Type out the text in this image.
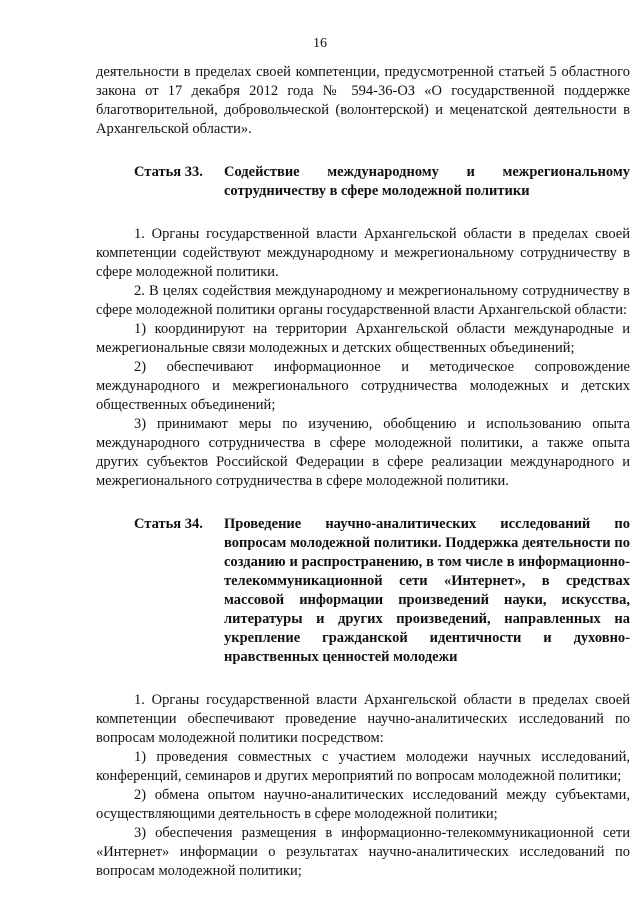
16

деятельности в пределах своей компетенции, предусмотренной статьей 5 областного закона от 17 декабря 2012 года № 594-36-ОЗ «О государственной поддержке благотворительной, добровольческой (волонтерской) и меценатской деятельности в Архангельской области».

Статья 33.	Содействие международному и межрегиональному сотрудничеству в сфере молодежной политики

1. Органы государственной власти Архангельской области в пределах своей компетенции содействуют международному и межрегиональному сотрудничеству в сфере молодежной политики.

2. В целях содействия международному и межрегиональному сотрудничеству в сфере молодежной политики органы государственной власти Архангельской области:

1) координируют на территории Архангельской области международные и межрегиональные связи молодежных и детских общественных объединений;

2) обеспечивают информационное и методическое сопровождение международного и межрегионального сотрудничества молодежных и детских общественных объединений;

3) принимают меры по изучению, обобщению и использованию опыта международного сотрудничества в сфере молодежной политики, а также опыта других субъектов Российской Федерации в сфере реализации международного и межрегионального сотрудничества в сфере молодежной политики.

Статья 34.	Проведение научно-аналитических исследований по вопросам молодежной политики. Поддержка деятельности по созданию и распространению, в том числе в информационно-телекоммуникационной сети «Интернет», в средствах массовой информации произведений науки, искусства, литературы и других произведений, направленных на укрепление гражданской идентичности и духовно-нравственных ценностей молодежи

1. Органы государственной власти Архангельской области в пределах своей компетенции обеспечивают проведение научно-аналитических исследований по вопросам молодежной политики посредством:

1) проведения совместных с участием молодежи научных исследований, конференций, семинаров и других мероприятий по вопросам молодежной политики;

2) обмена опытом научно-аналитических исследований между субъектами, осуществляющими деятельность в сфере молодежной политики;

3) обеспечения размещения в информационно-телекоммуникационной сети «Интернет» информации о результатах научно-аналитических исследований по вопросам молодежной политики;
